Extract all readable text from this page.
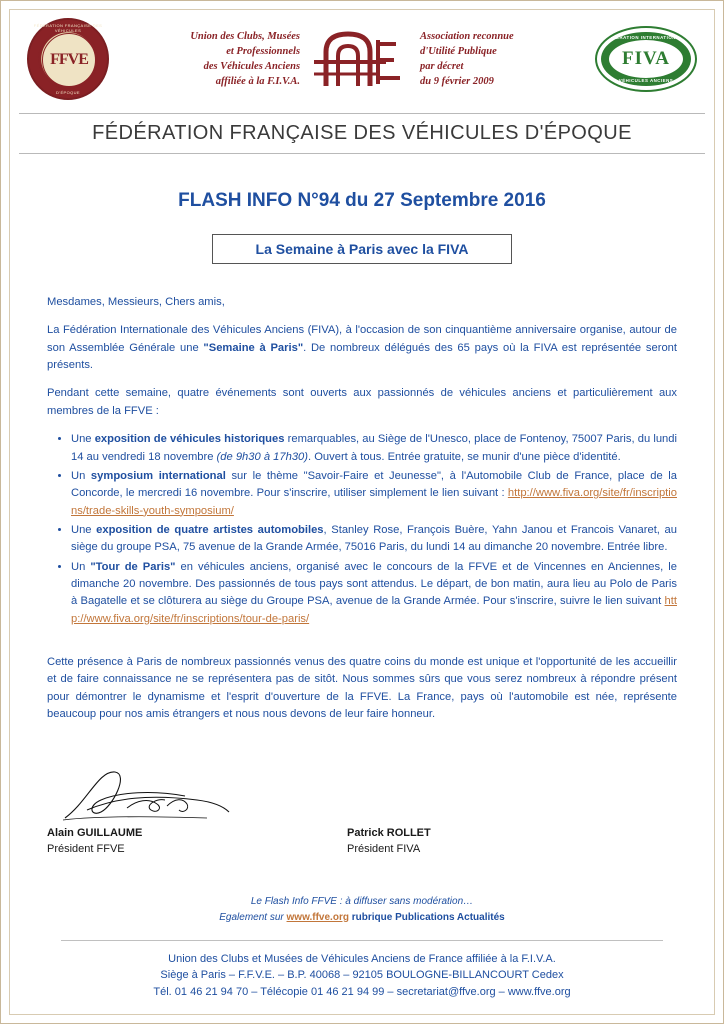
FÉDÉRATION FRANÇAISE DES VÉHICULES
D'ÉPOQUE
FFVE
Union des Clubs, Musées
et Professionnels
des Véhicules Anciens
affiliée à la F.I.V.A.
Association reconnue
d'Utilité Publique
par décret
du 9 février 2009
FÉDÉRATION INTERNATIONALE
FIVA
VÉHICULES ANCIENS
FÉDÉRATION FRANÇAISE DES VÉHICULES D'ÉPOQUE
FLASH INFO N°94 du 27 Septembre 2016
La Semaine à Paris avec la FIVA

Mesdames, Messieurs, Chers amis,

La Fédération Internationale des Véhicules Anciens (FIVA), à l'occasion de son cinquantième anniversaire organise, autour de son Assemblée Générale une "Semaine à Paris". De nombreux délégués des 65 pays où la FIVA est représentée seront présents.

Pendant cette semaine, quatre événements sont ouverts aux passionnés de véhicules anciens et particulièrement aux membres de la FFVE :

• Une exposition de véhicules historiques remarquables, au Siège de l'Unesco, place de Fontenoy, 75007 Paris, du lundi 14 au vendredi 18 novembre (de 9h30 à 17h30). Ouvert à tous. Entrée gratuite, se munir d'une pièce d'identité.
• Un symposium international sur le thème "Savoir-Faire et Jeunesse", à l'Automobile Club de France, place de la Concorde, le mercredi 16 novembre. Pour s'inscrire, utiliser simplement le lien suivant : http://www.fiva.org/site/fr/inscriptions/trade-skills-youth-symposium/
• Une exposition de quatre artistes automobiles, Stanley Rose, François Buère, Yahn Janou et Francois Vanaret, au siège du groupe PSA, 75 avenue de la Grande Armée, 75016 Paris, du lundi 14 au dimanche 20 novembre. Entrée libre.
• Un "Tour de Paris" en véhicules anciens, organisé avec le concours de la FFVE et de Vincennes en Anciennes, le dimanche 20 novembre. Des passionnés de tous pays sont attendus. Le départ, de bon matin, aura lieu au Polo de Paris à Bagatelle et se clôturera au siège du Groupe PSA, avenue de la Grande Armée. Pour s'inscrire, suivre le lien suivant http://www.fiva.org/site/fr/inscriptions/tour-de-paris/

Cette présence à Paris de nombreux passionnés venus des quatre coins du monde est unique et l'opportunité de les accueillir et de faire connaissance ne se représentera pas de sitôt. Nous sommes sûrs que vous serez nombreux à répondre présent pour démontrer le dynamisme et l'esprit d'ouverture de la FFVE. La France, pays où l'automobile est née, représente beaucoup pour nos amis étrangers et nous nous devons de leur faire honneur.

Alain GUILLAUME
Président FFVE
Patrick ROLLET
Président FIVA
Le Flash Info FFVE : à diffuser sans modération…
Egalement sur www.ffve.org rubrique Publications Actualités
Union des Clubs et Musées de Véhicules Anciens de France affiliée à la F.I.V.A.
Siège à Paris – F.F.V.E. – B.P. 40068 – 92105 BOULOGNE-BILLANCOURT Cedex
Tél. 01 46 21 94 70 – Télécopie 01 46 21 94 99 – secretariat@ffve.org – www.ffve.org
